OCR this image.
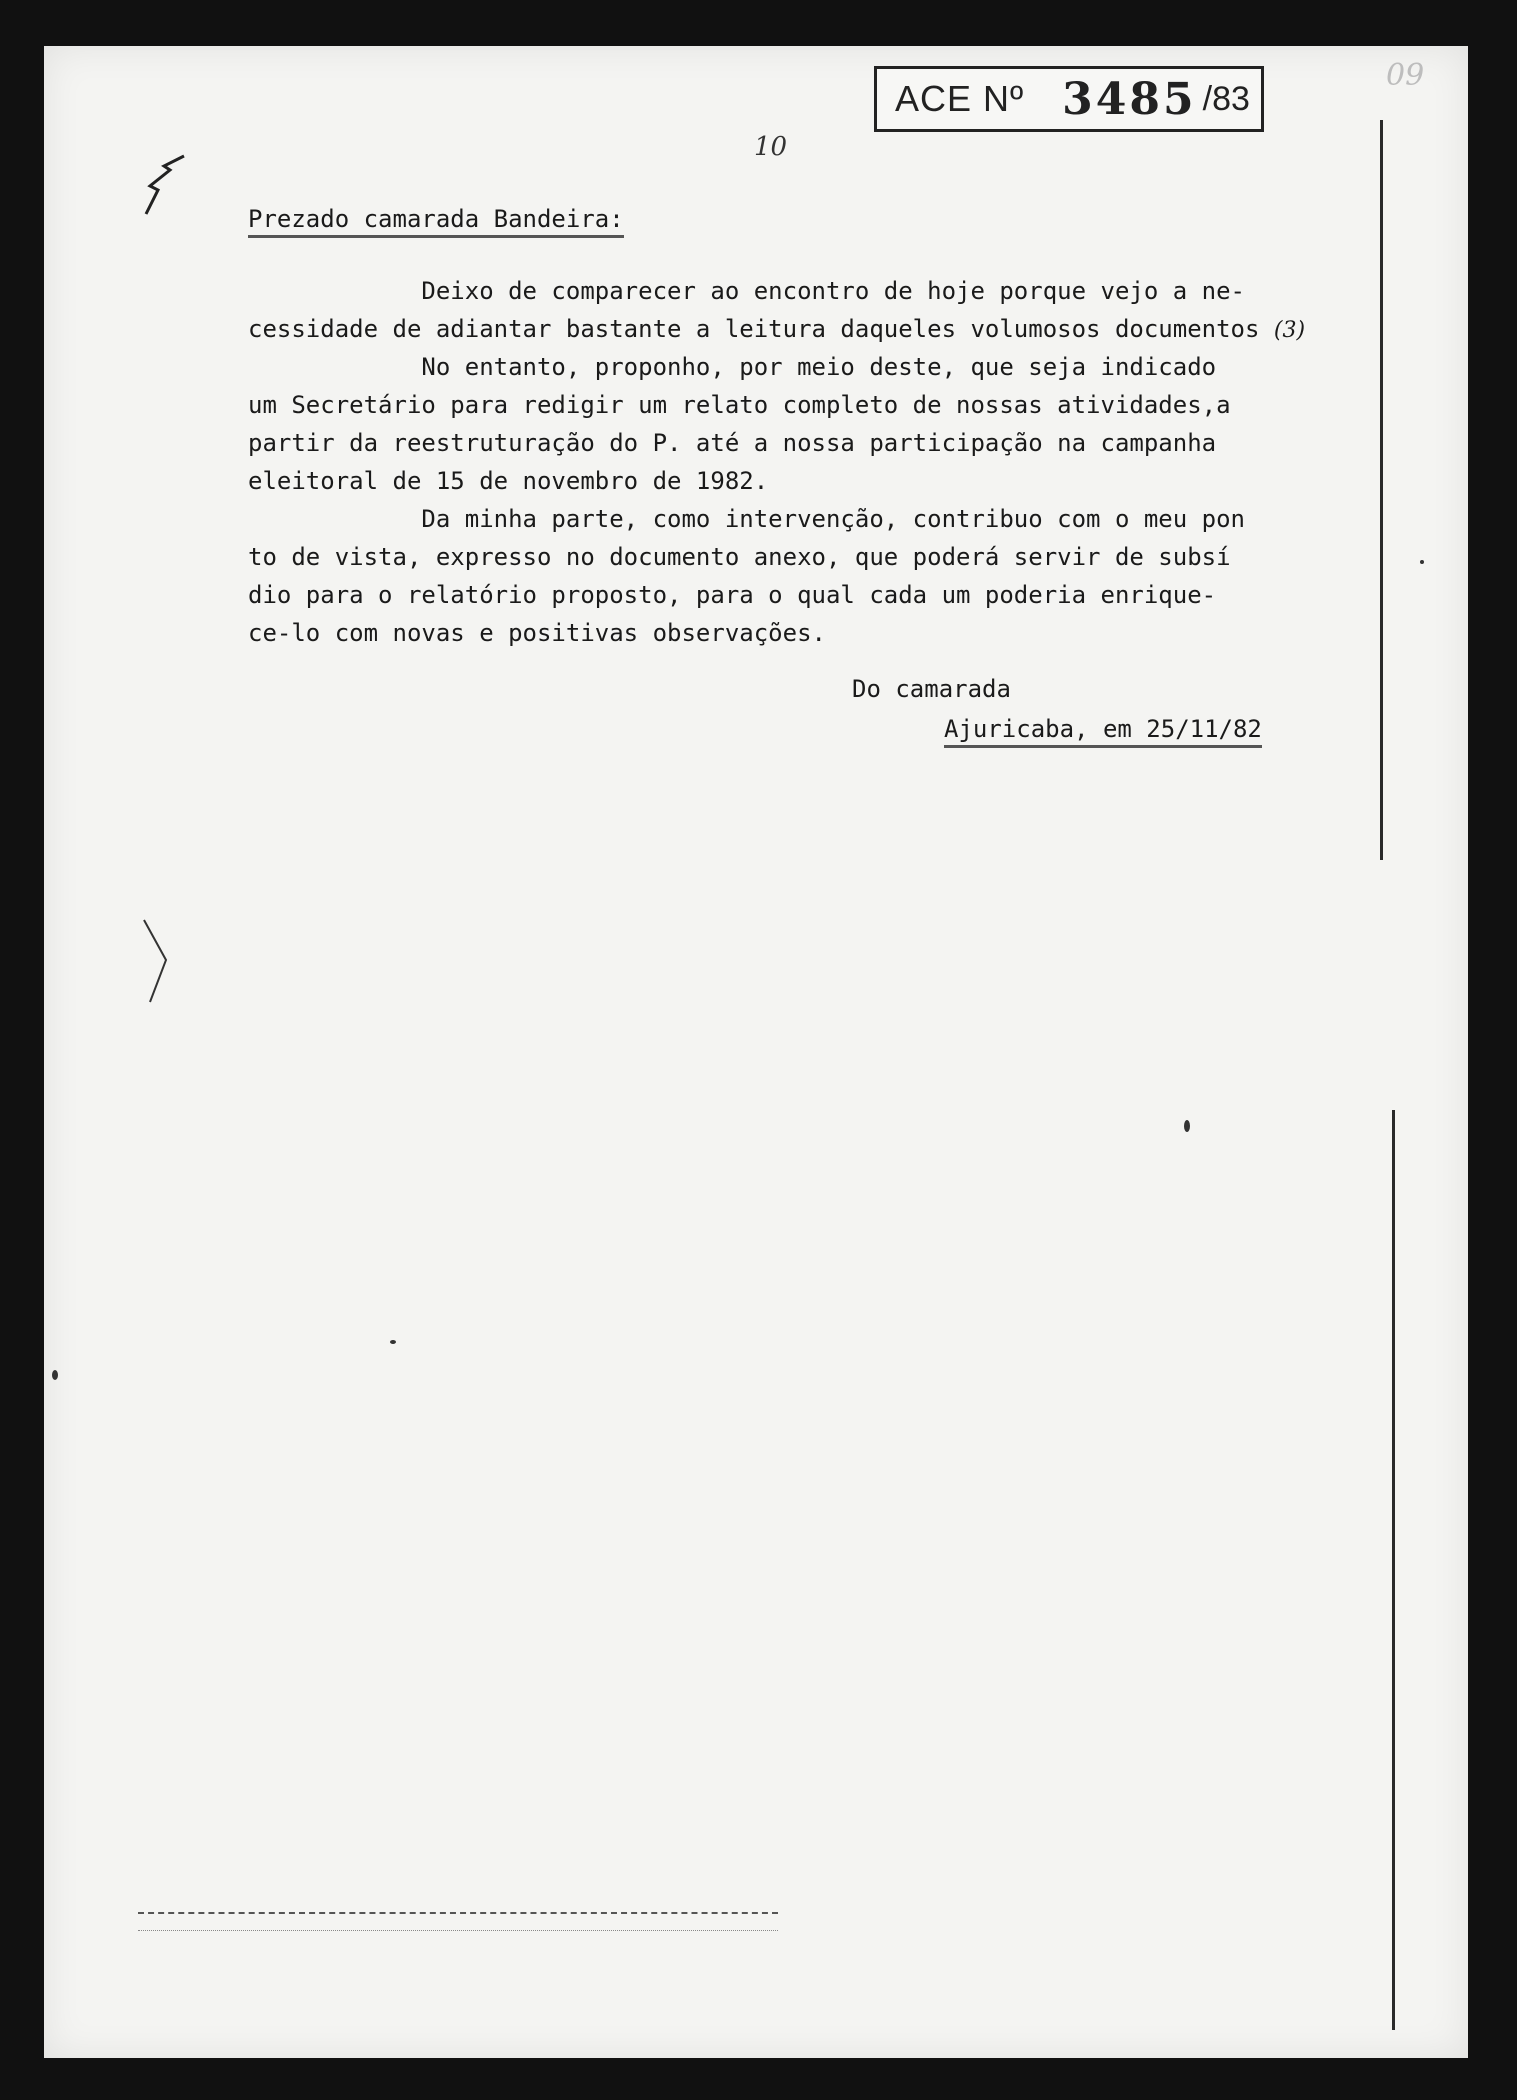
ACE Nº 3485 /83
09
10
Prezado camarada Bandeira:
Deixo de comparecer ao encontro de hoje porque vejo a ne-
cessidade de adiantar bastante a leitura daqueles volumosos documentos (3)
No entanto, proponho, por meio deste, que seja indicado
um Secretário para redigir um relato completo de nossas atividades,a
partir da reestruturação do P. até a nossa participação na campanha
eleitoral de 15 de novembro de 1982.
Da minha parte, como intervenção, contribuo com o meu pon
to de vista, expresso no documento anexo, que poderá servir de subsí
dio para o relatório proposto, para o qual cada um poderia enrique-
ce-lo com novas e positivas observações.
Do camarada
Ajuricaba, em 25/11/82
